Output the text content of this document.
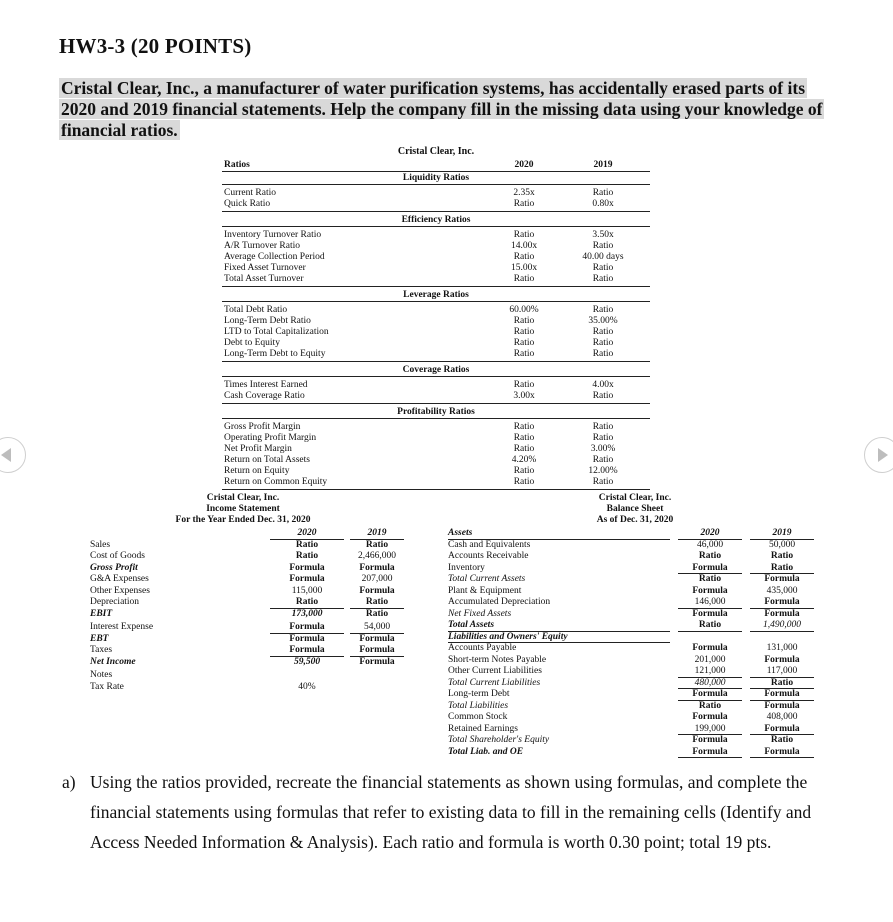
HW3-3 (20 POINTS)
Cristal Clear, Inc., a manufacturer of water purification systems, has accidentally erased parts of its 2020 and 2019 financial statements. Help the company fill in the missing data using your knowledge of financial ratios.
Cristal Clear, Inc.
Ratios	2020	2019
Liquidity Ratios
Current Ratio	2.35x	Ratio
Quick Ratio	Ratio	0.80x
Efficiency Ratios
Inventory Turnover Ratio	Ratio	3.50x
A/R Turnover Ratio	14.00x	Ratio
Average Collection Period	Ratio	40.00 days
Fixed Asset Turnover	15.00x	Ratio
Total Asset Turnover	Ratio	Ratio
Leverage Ratios
Total Debt Ratio	60.00%	Ratio
Long-Term Debt Ratio	Ratio	35.00%
LTD to Total Capitalization	Ratio	Ratio
Debt to Equity	Ratio	Ratio
Long-Term Debt to Equity	Ratio	Ratio
Coverage Ratios
Times Interest Earned	Ratio	4.00x
Cash Coverage Ratio	3.00x	Ratio
Profitability Ratios
Gross Profit Margin	Ratio	Ratio
Operating Profit Margin	Ratio	Ratio
Net Profit Margin	Ratio	3.00%
Return on Total Assets	4.20%	Ratio
Return on Equity	Ratio	12.00%
Return on Common Equity	Ratio	Ratio
Cristal Clear, Inc.
Income Statement
For the Year Ended Dec. 31, 2020
2020	2019
Sales	Ratio	Ratio
Cost of Goods	Ratio	2,466,000
Gross Profit	Formula	Formula
G&A Expenses	Formula	207,000
Other Expenses	115,000	Formula
Depreciation	Ratio	Ratio
EBIT	173,000	Ratio
Interest Expense	Formula	54,000
EBT	Formula	Formula
Taxes	Formula	Formula
Net Income	59,500	Formula
Notes
Tax Rate	40%
Cristal Clear, Inc.
Balance Sheet
As of Dec. 31, 2020
Assets	2020	2019
Cash and Equivalents	46,000	50,000
Accounts Receivable	Ratio	Ratio
Inventory	Formula	Ratio
Total Current Assets	Ratio	Formula
Plant & Equipment	Formula	435,000
Accumulated Depreciation	146,000	Formula
Net Fixed Assets	Formula	Formula
Total Assets	Ratio	1,490,000
Liabilities and Owners' Equity
Accounts Payable	Formula	131,000
Short-term Notes Payable	201,000	Formula
Other Current Liabilities	121,000	117,000
Total Current Liabilities	480,000	Ratio
Long-term Debt	Formula	Formula
Total Liabilities	Ratio	Formula
Common Stock	Formula	408,000
Retained Earnings	199,000	Formula
Total Shareholder's Equity	Formula	Ratio
Total Liab. and OE	Formula	Formula
a) Using the ratios provided, recreate the financial statements as shown using formulas, and complete the financial statements using formulas that refer to existing data to fill in the remaining cells (Identify and Access Needed Information & Analysis). Each ratio and formula is worth 0.30 point; total 19 pts.
